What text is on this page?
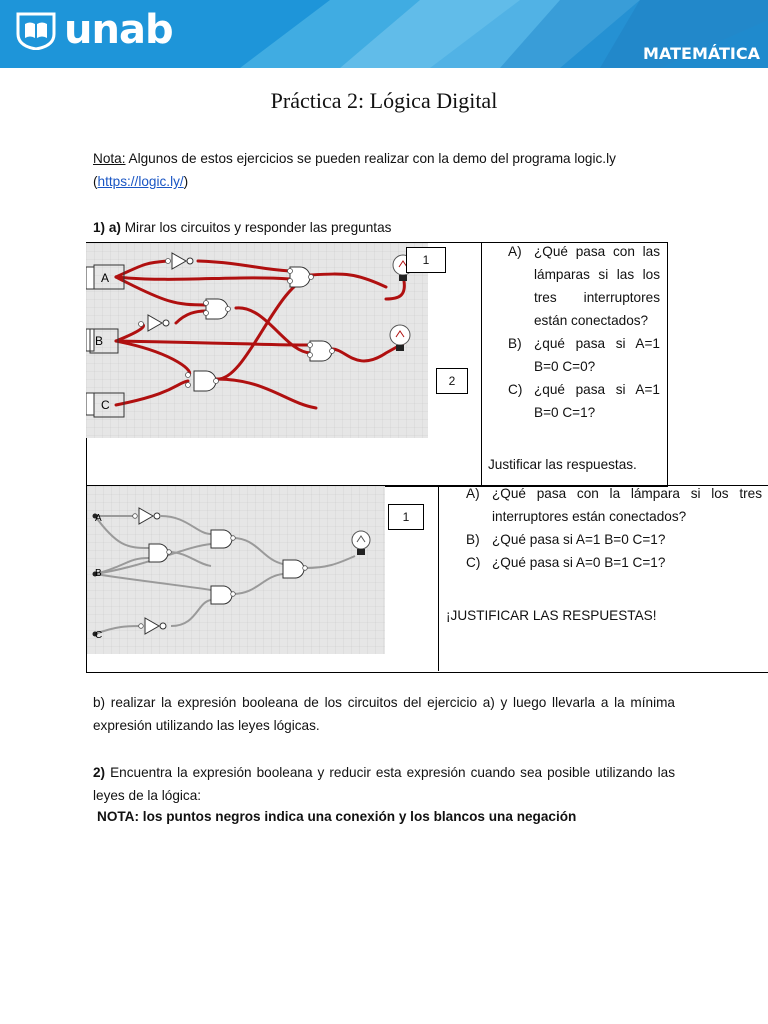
unab
MATEMÁTICA
Práctica 2: Lógica Digital
Nota: Algunos de estos ejercicios se pueden realizar con la demo del programa logic.ly
(https://logic.ly/)
1) a) Mirar los circuitos y responder las preguntas
A
B
C
1
2
A) ¿Qué pasa con las lámparas si las los tres interruptores están conectados?
B) ¿qué pasa si A=1 B=0 C=0?
C) ¿qué pasa si A=1 B=0 C=1?
Justificar las respuestas.
A
B
C
1
A) ¿Qué pasa con la lámpara si los tres interruptores están conectados?
B) ¿Qué pasa si A=1 B=0 C=1?
C) ¿Qué pasa si A=0 B=1 C=1?
¡JUSTIFICAR LAS RESPUESTAS!
b) realizar la expresión booleana de los circuitos del ejercicio a) y luego llevarla a la mínima expresión utilizando las leyes lógicas.
2) Encuentra la expresión booleana y reducir esta expresión cuando sea posible utilizando las leyes de la lógica:
NOTA: los puntos negros indica una conexión y los blancos una negación
